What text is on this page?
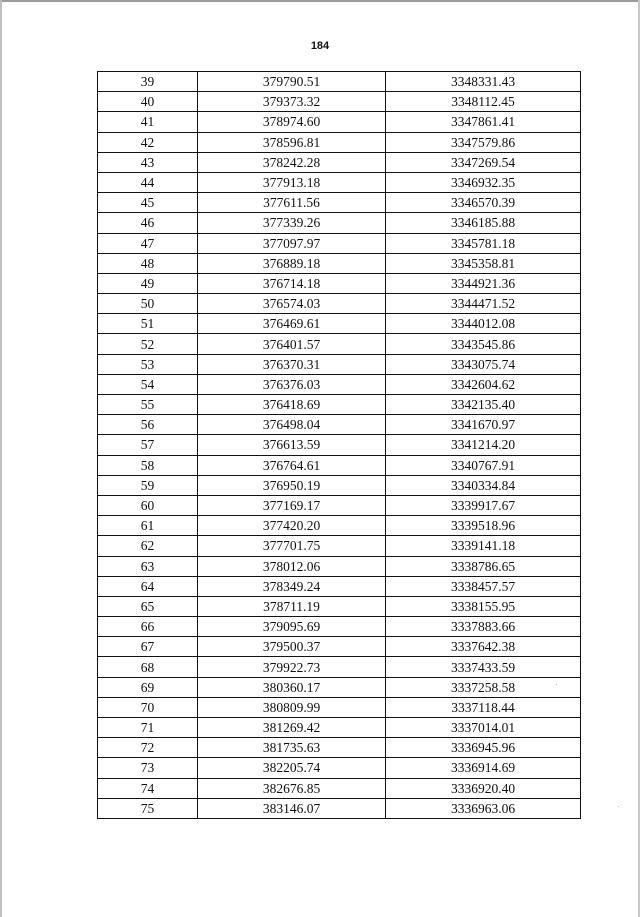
184
39	379790.51	3348331.43
40	379373.32	3348112.45
41	378974.60	3347861.41
42	378596.81	3347579.86
43	378242.28	3347269.54
44	377913.18	3346932.35
45	377611.56	3346570.39
46	377339.26	3346185.88
47	377097.97	3345781.18
48	376889.18	3345358.81
49	376714.18	3344921.36
50	376574.03	3344471.52
51	376469.61	3344012.08
52	376401.57	3343545.86
53	376370.31	3343075.74
54	376376.03	3342604.62
55	376418.69	3342135.40
56	376498.04	3341670.97
57	376613.59	3341214.20
58	376764.61	3340767.91
59	376950.19	3340334.84
60	377169.17	3339917.67
61	377420.20	3339518.96
62	377701.75	3339141.18
63	378012.06	3338786.65
64	378349.24	3338457.57
65	378711.19	3338155.95
66	379095.69	3337883.66
67	379500.37	3337642.38
68	379922.73	3337433.59
69	380360.17	3337258.58
70	380809.99	3337118.44
71	381269.42	3337014.01
72	381735.63	3336945.96
73	382205.74	3336914.69
74	382676.85	3336920.40
75	383146.07	3336963.06
